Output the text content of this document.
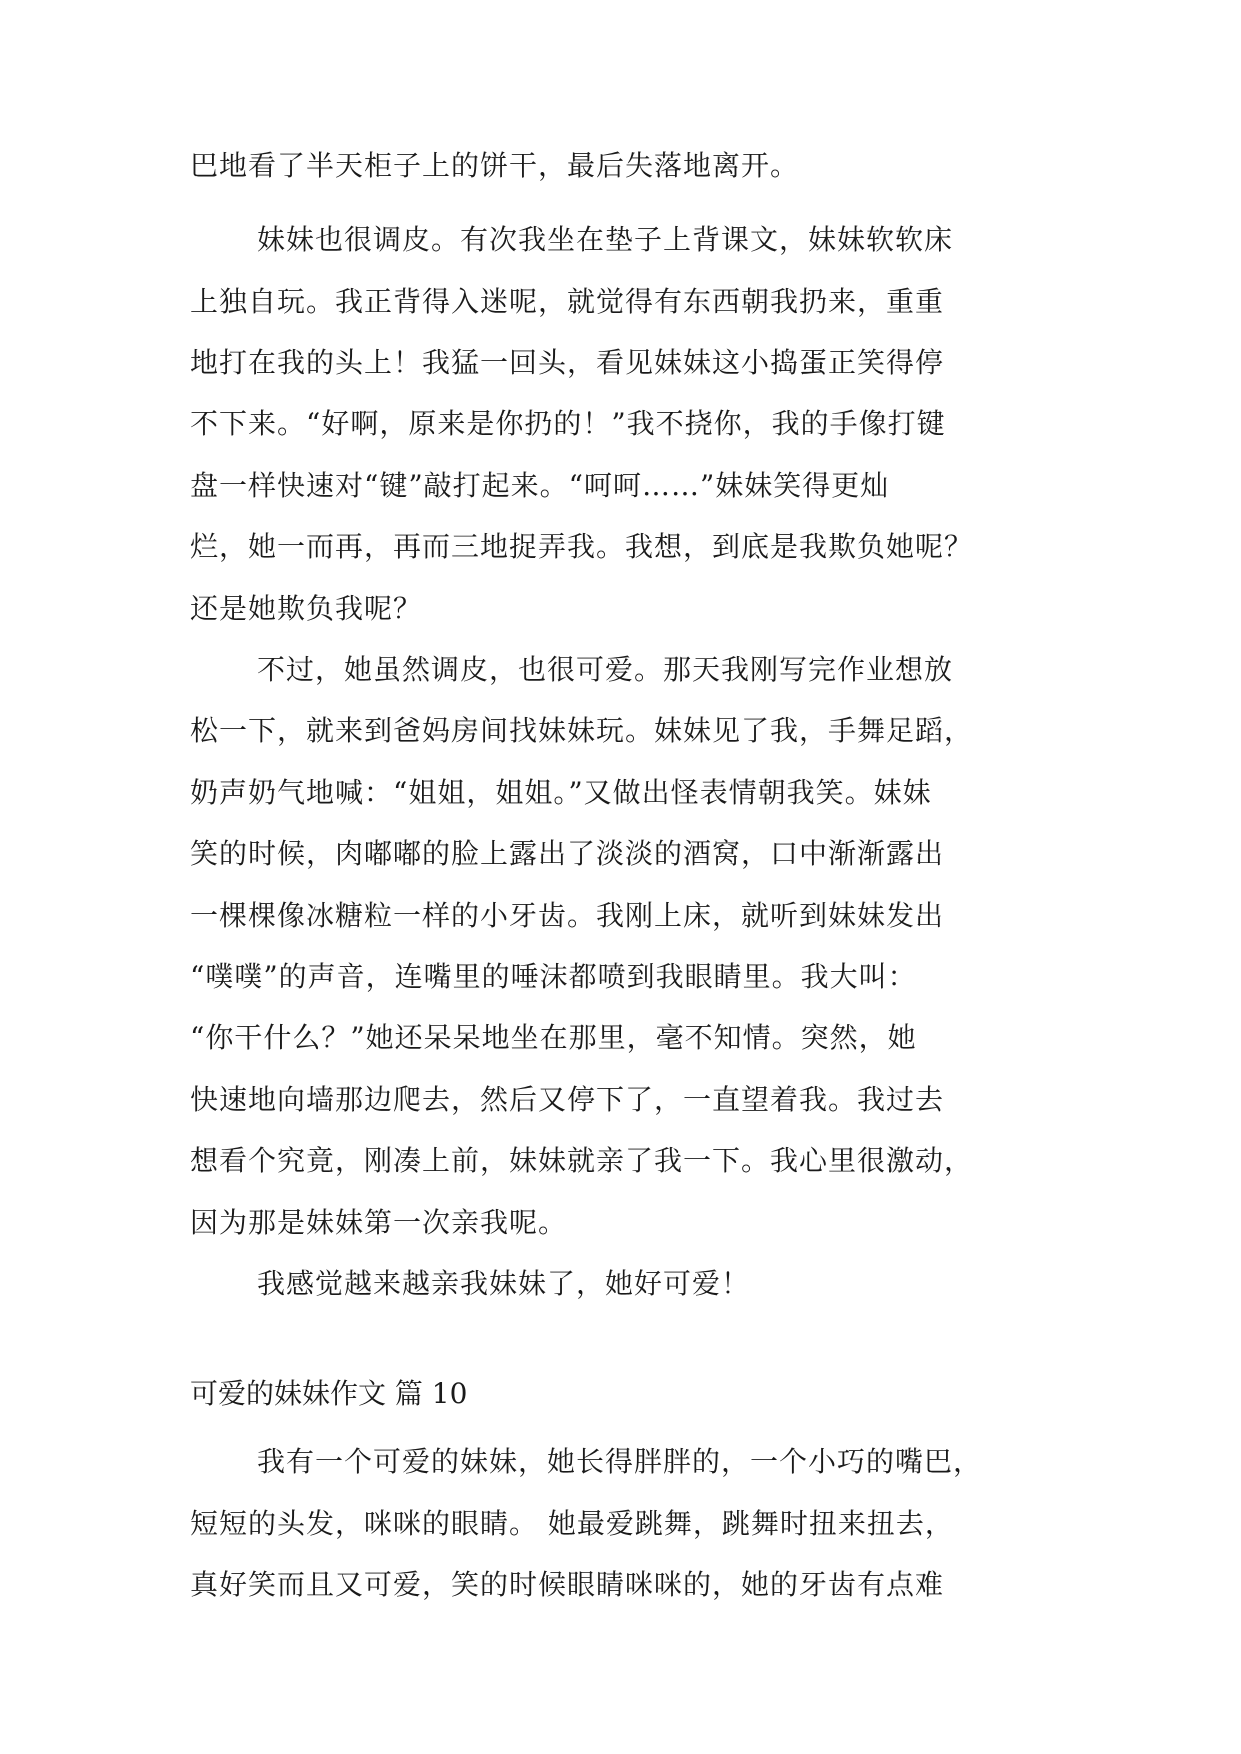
巴地看了半天柜子上的饼干，最后失落地离开。
妹妹也很调皮。有次我坐在垫子上背课文，妹妹软软床
上独自玩。我正背得入迷呢，就觉得有东西朝我扔来，重重
地打在我的头上！我猛一回头，看见妹妹这小捣蛋正笑得停
不下来。“好啊，原来是你扔的！”我不挠你，我的手像打键
盘一样快速对“键”敲打起来。“呵呵……”妹妹笑得更灿
烂，她一而再，再而三地捉弄我。我想，到底是我欺负她呢？
还是她欺负我呢？
不过，她虽然调皮，也很可爱。那天我刚写完作业想放
松一下，就来到爸妈房间找妹妹玩。妹妹见了我，手舞足蹈，
奶声奶气地喊：“姐姐，姐姐。”又做出怪表情朝我笑。妹妹
笑的时候，肉嘟嘟的脸上露出了淡淡的酒窝，口中渐渐露出
一棵棵像冰糖粒一样的小牙齿。我刚上床，就听到妹妹发出
“噗噗”的声音，连嘴里的唾沫都喷到我眼睛里。我大叫：
“你干什么？”她还呆呆地坐在那里，毫不知情。突然，她
快速地向墙那边爬去，然后又停下了，一直望着我。我过去
想看个究竟，刚凑上前，妹妹就亲了我一下。我心里很激动，
因为那是妹妹第一次亲我呢。
我感觉越来越亲我妹妹了，她好可爱！
可爱的妹妹作文 篇 10
我有一个可爱的妹妹，她长得胖胖的，一个小巧的嘴巴，
短短的头发，咪咪的眼睛。 她最爱跳舞，跳舞时扭来扭去，
真好笑而且又可爱，笑的时候眼睛咪咪的，她的牙齿有点难
